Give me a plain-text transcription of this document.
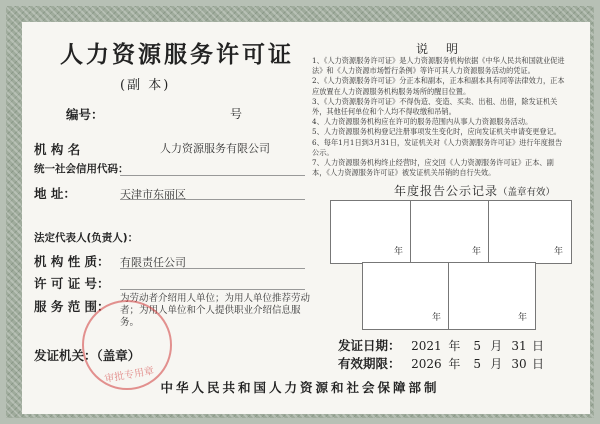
人力资源服务许可证
(副 本)
编号：	号
机 构 名	人力资源服务有限公司
统一社会信用代码：
地 址：	天津市东丽区
法定代表人(负责人)：
机 构 性 质： 有限责任公司
许 可 证 号：
服 务 范 围：
为劳动者介绍用人单位；为用人单位推荐劳动者；为用人单位和个人提供职业介绍信息服务。
审批专用章
发证机关：（盖章）
说明

1、《人力资源服务许可证》是人力资源服务机构依据《中华人民共和国就业促进法》和《人力资源市场暂行条例》等许可其人力资源服务活动的凭证。

2、《人力资源服务许可证》分正本和副本，正本和副本具有同等法律效力，正本应放置在人力资源服务机构服务场所的醒目位置。

3、《人力资源服务许可证》不得伪造、变造、买卖、出租、出借，除发证机关外，其他任何单位和个人均不得收缴和吊销。

4、人力资源服务机构应在许可的服务范围内从事人力资源服务活动。

5、人力资源服务机构登记注册事项发生变化时，应向发证机关申请变更登记。

6、每年1月1日到3月31日，发证机关对《人力资源服务许可证》进行年度报告公示。

7、人力资源服务机构终止经营时，应交回《人力资源服务许可证》正本、副本，《人力资源服务许可证》被发证机关吊销的自行失效。

年度报告公示记录（盖章有效）
年	年	年
年	年
发证日期： 2021 年 5 月 31 日
有效期限： 2026 年 5 月 30 日
中华人民共和国人力资源和社会保障部制
